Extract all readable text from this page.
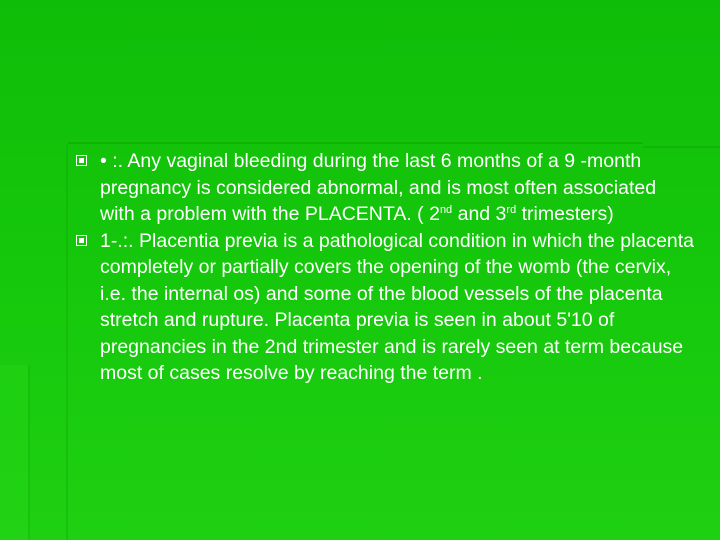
• :. Any vaginal bleeding during the last 6 months of a 9 -month pregnancy is considered abnormal, and is most often associated with a problem with the PLACENTA. ( 2nd and 3rd trimesters)

1-.:. Placentia previa is a pathological condition in which the placenta completely or partially covers the opening of the womb (the cervix, i.e. the internal os) and some of the blood vessels of the placenta stretch and rupture. Placenta previa is seen in about 5'10 of pregnancies in the 2nd trimester and is rarely seen at term because most of cases resolve by reaching the term .
